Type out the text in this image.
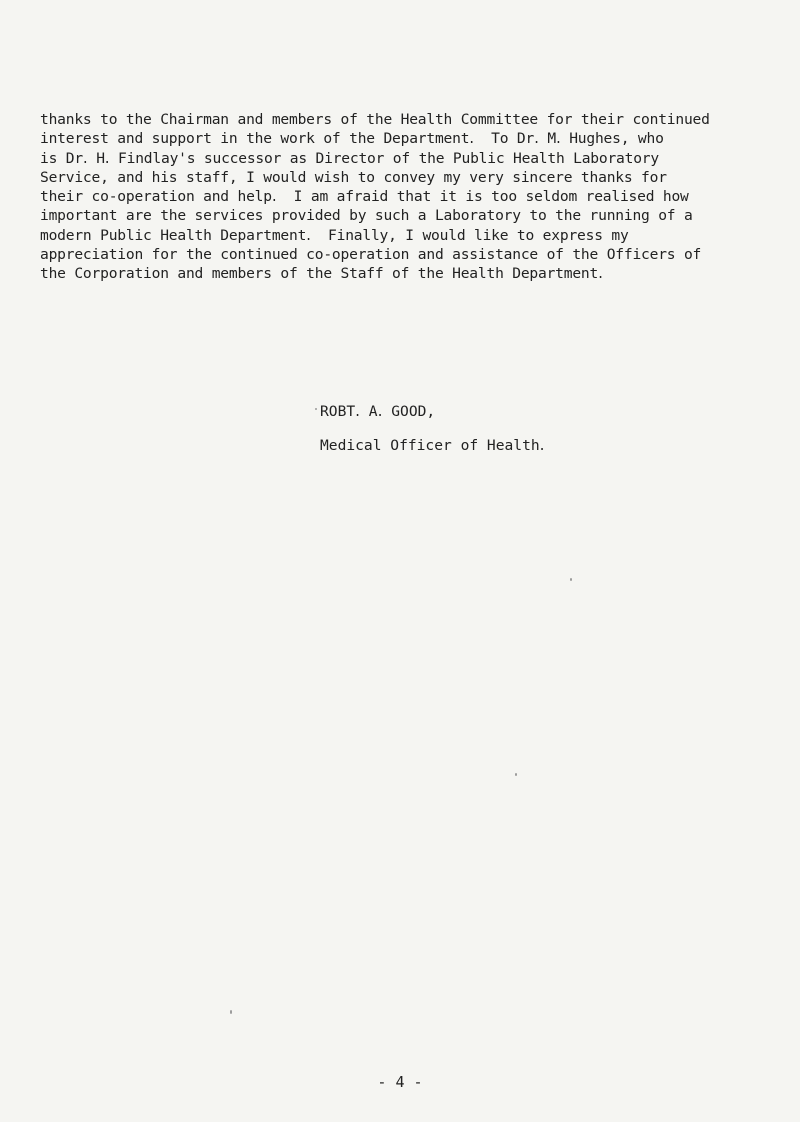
thanks to the Chairman and members of the Health Committee for their continued
interest and support in the work of the Department․  To Dr․ M․ Hughes, who
is Dr․ H․ Findlay's successor as Director of the Public Health Laboratory
Service, and his staff, I would wish to convey my very sincere thanks for
their co-operation and help․  I am afraid that it is too seldom realised how
important are the services provided by such a Laboratory to the running of a
modern Public Health Department․  Finally, I would like to express my
appreciation for the continued co-operation and assistance of the Officers of
the Corporation and members of the Staff of the Health Department․
ROBT․ A․ GOOD,
Medical Officer of Health․
- 4 -
